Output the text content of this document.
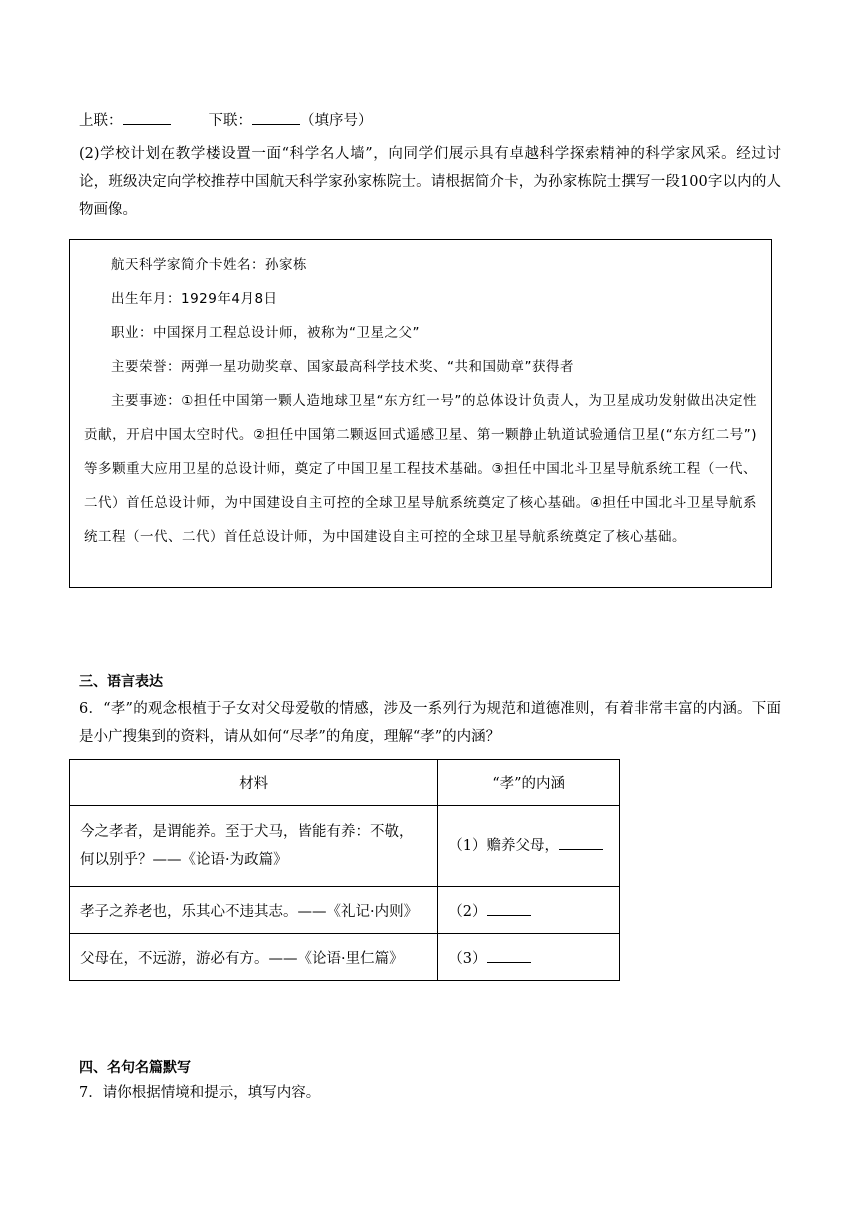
上联：	下联：	（填序号）
(2)学校计划在教学楼设置一面“科学名人墙”，向同学们展示具有卓越科学探索精神的科学家风采。经过讨论，班级决定向学校推荐中国航天科学家孙家栋院士。请根据简介卡，为孙家栋院士撰写一段100字以内的人物画像。
航天科学家简介卡姓名：孙家栋
出生年月：1929年4月8日
职业：中国探月工程总设计师，被称为“卫星之父”
主要荣誉：两弹一星功勋奖章、国家最高科学技术奖、“共和国勋章”获得者
主要事迹：①担任中国第一颗人造地球卫星“东方红一号”的总体设计负责人，为卫星成功发射做出决定性贡献，开启中国太空时代。②担任中国第二颗返回式遥感卫星、第一颗静止轨道试验通信卫星(“东方红二号”)等多颗重大应用卫星的总设计师，奠定了中国卫星工程技术基础。③担任中国北斗卫星导航系统工程（一代、二代）首任总设计师，为中国建设自主可控的全球卫星导航系统奠定了核心基础。④担任中国北斗卫星导航系统工程（一代、二代）首任总设计师，为中国建设自主可控的全球卫星导航系统奠定了核心基础。
三、语言表达
6．“孝”的观念根植于子女对父母爱敬的情感，涉及一系列行为规范和道德准则，有着非常丰富的内涵。下面是小广搜集到的资料，请从如何“尽孝”的角度，理解“孝”的内涵？
材料	“孝”的内涵
今之孝者，是谓能养。至于犬马，皆能有养：不敬，何以别乎？——《论语·为政篇》	（1）赡养父母，
孝子之养老也，乐其心不违其志。——《礼记·内则》	（2）
父母在，不远游，游必有方。——《论语·里仁篇》	（3）
四、名句名篇默写
7．请你根据情境和提示，填写内容。
